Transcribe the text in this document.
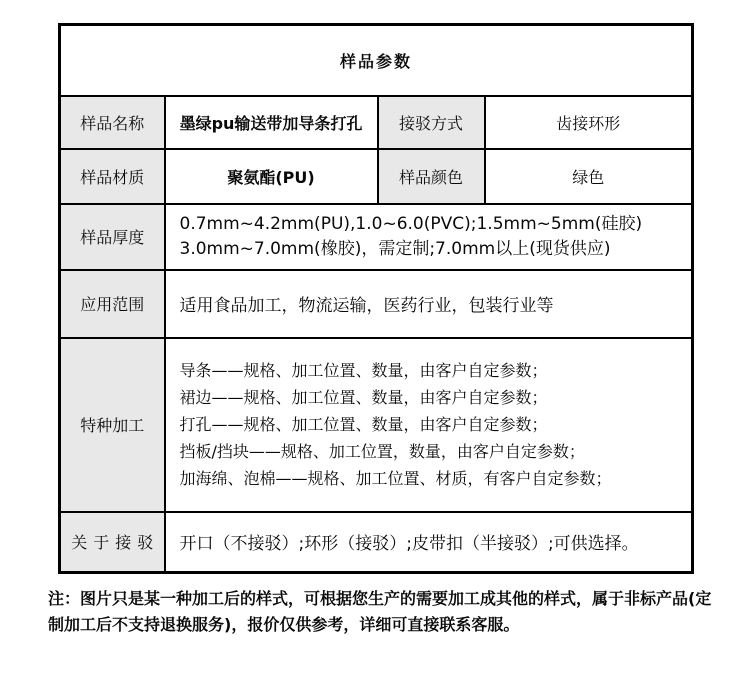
样品参数			
样品名称	墨绿pu输送带加导条打孔	接驳方式	齿接环形
样品材质	聚氨酯(PU)	样品颜色	绿色
样品厚度	0.7mm~4.2mm(PU),1.0~6.0(PVC);1.5mm~5mm(硅胶)
3.0mm~7.0mm(橡胶)，需定制;7.0mm以上(现货供应)		

应用范围	适用食品加工，物流运输，医药行业，包装行业等		
特种加工	导条——规格、加工位置、数量，由客户自定参数；
裙边——规格、加工位置、数量，由客户自定参数；
打孔——规格、加工位置、数量，由客户自定参数；
挡板/挡块——规格、加工位置，数量，由客户自定参数；
加海绵、泡棉——规格、加工位置、材质，有客户自定参数；		

关于接驳	开口（不接驳）;环形（接驳）;皮带扣（半接驳）;可供选择。		
注：图片只是某一种加工后的样式，可根据您生产的需要加工成其他的样式，属于非标产品(定制加工后不支持退换服务)，报价仅供参考，详细可直接联系客服。
